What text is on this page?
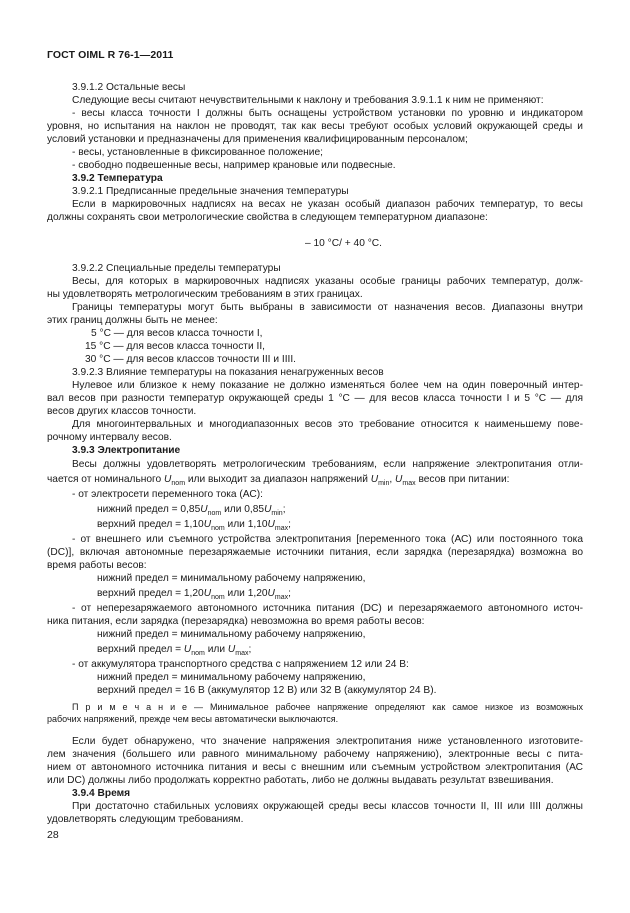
ГОСТ OIML R 76-1—2011
3.9.1.2 Остальные весы
Следующие весы считают нечувствительными к наклону и требования 3.9.1.1 к ним не применяют:
- весы класса точности I должны быть оснащены устройством установки по уровню и индикатором
уровня, но испытания на наклон не проводят, так как весы требуют особых условий окружающей среды и
условий установки и предназначены для применения квалифицированным персоналом;
- весы, установленные в фиксированное положение;
- свободно подвешенные весы, например крановые или подвесные.
3.9.2 Температура
3.9.2.1 Предписанные предельные значения температуры
Если в маркировочных надписях на весах не указан особый диапазон рабочих температур, то весы
должны сохранять свои метрологические свойства в следующем температурном диапазоне:
– 10 °С/ + 40 °С.
3.9.2.2 Специальные пределы температуры
Весы, для которых в маркировочных надписях указаны особые границы рабочих температур, долж-
ны удовлетворять метрологическим требованиям в этих границах.
Границы температуры могут быть выбраны в зависимости от назначения весов. Диапазоны внутри
этих границ должны быть не менее:
5 °С — для весов класса точности I,
15 °С — для весов класса точности II,
30 °С — для весов классов точности III и IIII.
3.9.2.3 Влияние температуры на показания ненагруженных весов
Нулевое или близкое к нему показание не должно изменяться более чем на один поверочный интер-
вал весов при разности температур окружающей среды 1 °С — для весов класса точности I и 5 °С — для
весов других классов точности.
Для многоинтервальных и многодиапазонных весов это требование относится к наименьшему пове-
рочному интервалу весов.
3.9.3 Электропитание
Весы должны удовлетворять метрологическим требованиям, если напряжение электропитания отли-
чается от номинального $U_{nom}$ или выходит за диапазон напряжений $U_{min}$, $U_{max}$ весов при питании:
- от электросети переменного тока (АС):
нижний предел = $0,85U_{nom}$ или $0,85U_{min}$;
верхний предел = $1,10U_{nom}$ или $1,10U_{max}$;
- от внешнего или съемного устройства электропитания [переменного тока (АС) или постоянного тока
(DC)], включая автономные перезаряжаемые источники питания, если зарядка (перезарядка) возможна во
время работы весов:
нижний предел = минимальному рабочему напряжению,
верхний предел = $1,20U_{nom}$ или $1,20U_{max}$;
- от неперезаряжаемого автономного источника питания (DC) и перезаряжаемого автономного источ-
ника питания, если зарядка (перезарядка) невозможна во время работы весов:
нижний предел = минимальному рабочему напряжению,
верхний предел = $U_{nom}$ или $U_{max}$;
- от аккумулятора транспортного средства с напряжением 12 или 24 В:
нижний предел = минимальному рабочему напряжению,
верхний предел = 16 В (аккумулятор 12 В) или 32 В (аккумулятор 24 В).
П р и м е ч а н и е — Минимальное рабочее напряжение определяют как самое низкое из возможных
рабочих напряжений, прежде чем весы автоматически выключаются.
Если будет обнаружено, что значение напряжения электропитания ниже установленного изготовите-
лем значения (большего или равного минимальному рабочему напряжению), электронные весы с пита-
нием от автономного источника питания и весы с внешним или съемным устройством электропитания (АС
или DC) должны либо продолжать корректно работать, либо не должны выдавать результат взвешивания.
3.9.4 Время
При достаточно стабильных условиях окружающей среды весы классов точности II, III или IIII должны
удовлетворять следующим требованиям.
28
